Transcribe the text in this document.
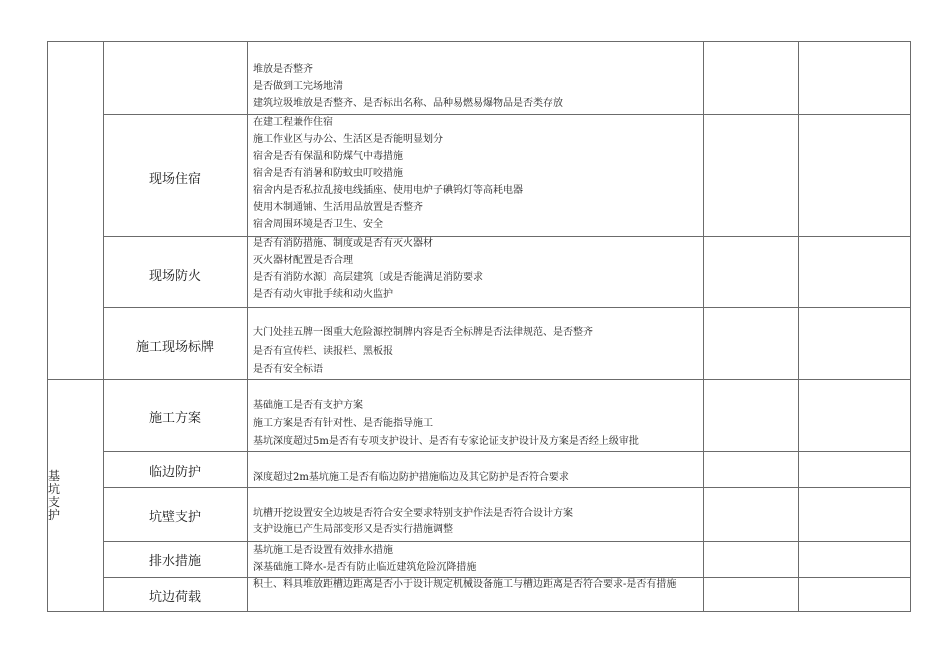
基
坑
支
护
现场住宿
现场防火
施工现场标牌
施工方案
临边防护
坑壁支护
排水措施
坑边荷载
堆放是否整齐
是否做到工完场地清
建筑垃圾堆放是否整齐、是否标出名称、品种易燃易爆物品是否类存放
在建工程兼作住宿
施工作业区与办公、生活区是否能明显划分
宿舍是否有保温和防煤气中毒措施
宿舍是否有消暑和防蚊虫叮咬措施
宿舍内是否私拉乱接电线插座、使用电炉子碘钨灯等高耗电器
使用木制通铺、生活用品放置是否整齐
宿舍周围环境是否卫生、安全
是否有消防措施、制度或是否有灭火器材
灭火器材配置是否合理
是否有消防水源〕高层建筑〔或是否能满足消防要求
是否有动火审批手续和动火监护
大门处挂五牌一图重大危险源控制牌内容是否全标牌是否法律规范、是否整齐
是否有宣传栏、读报栏、黑板报
是否有安全标语
基础施工是否有支护方案
施工方案是否有针对性、是否能指导施工
基坑深度超过5m是否有专项支护设计、是否有专家论证支护设计及方案是否经上级审批
深度超过2m基坑施工是否有临边防护措施临边及其它防护是否符合要求
坑槽开挖设置安全边坡是否符合安全要求特别支护作法是否符合设计方案
支护设施已产生局部变形又是否实行措施调整
基坑施工是否设置有效排水措施
深基础施工降水-是否有防止临近建筑危险沉降措施
积土、料具堆放距槽边距离是否小于设计规定机械设备施工与槽边距离是否符合要求-是否有措施
